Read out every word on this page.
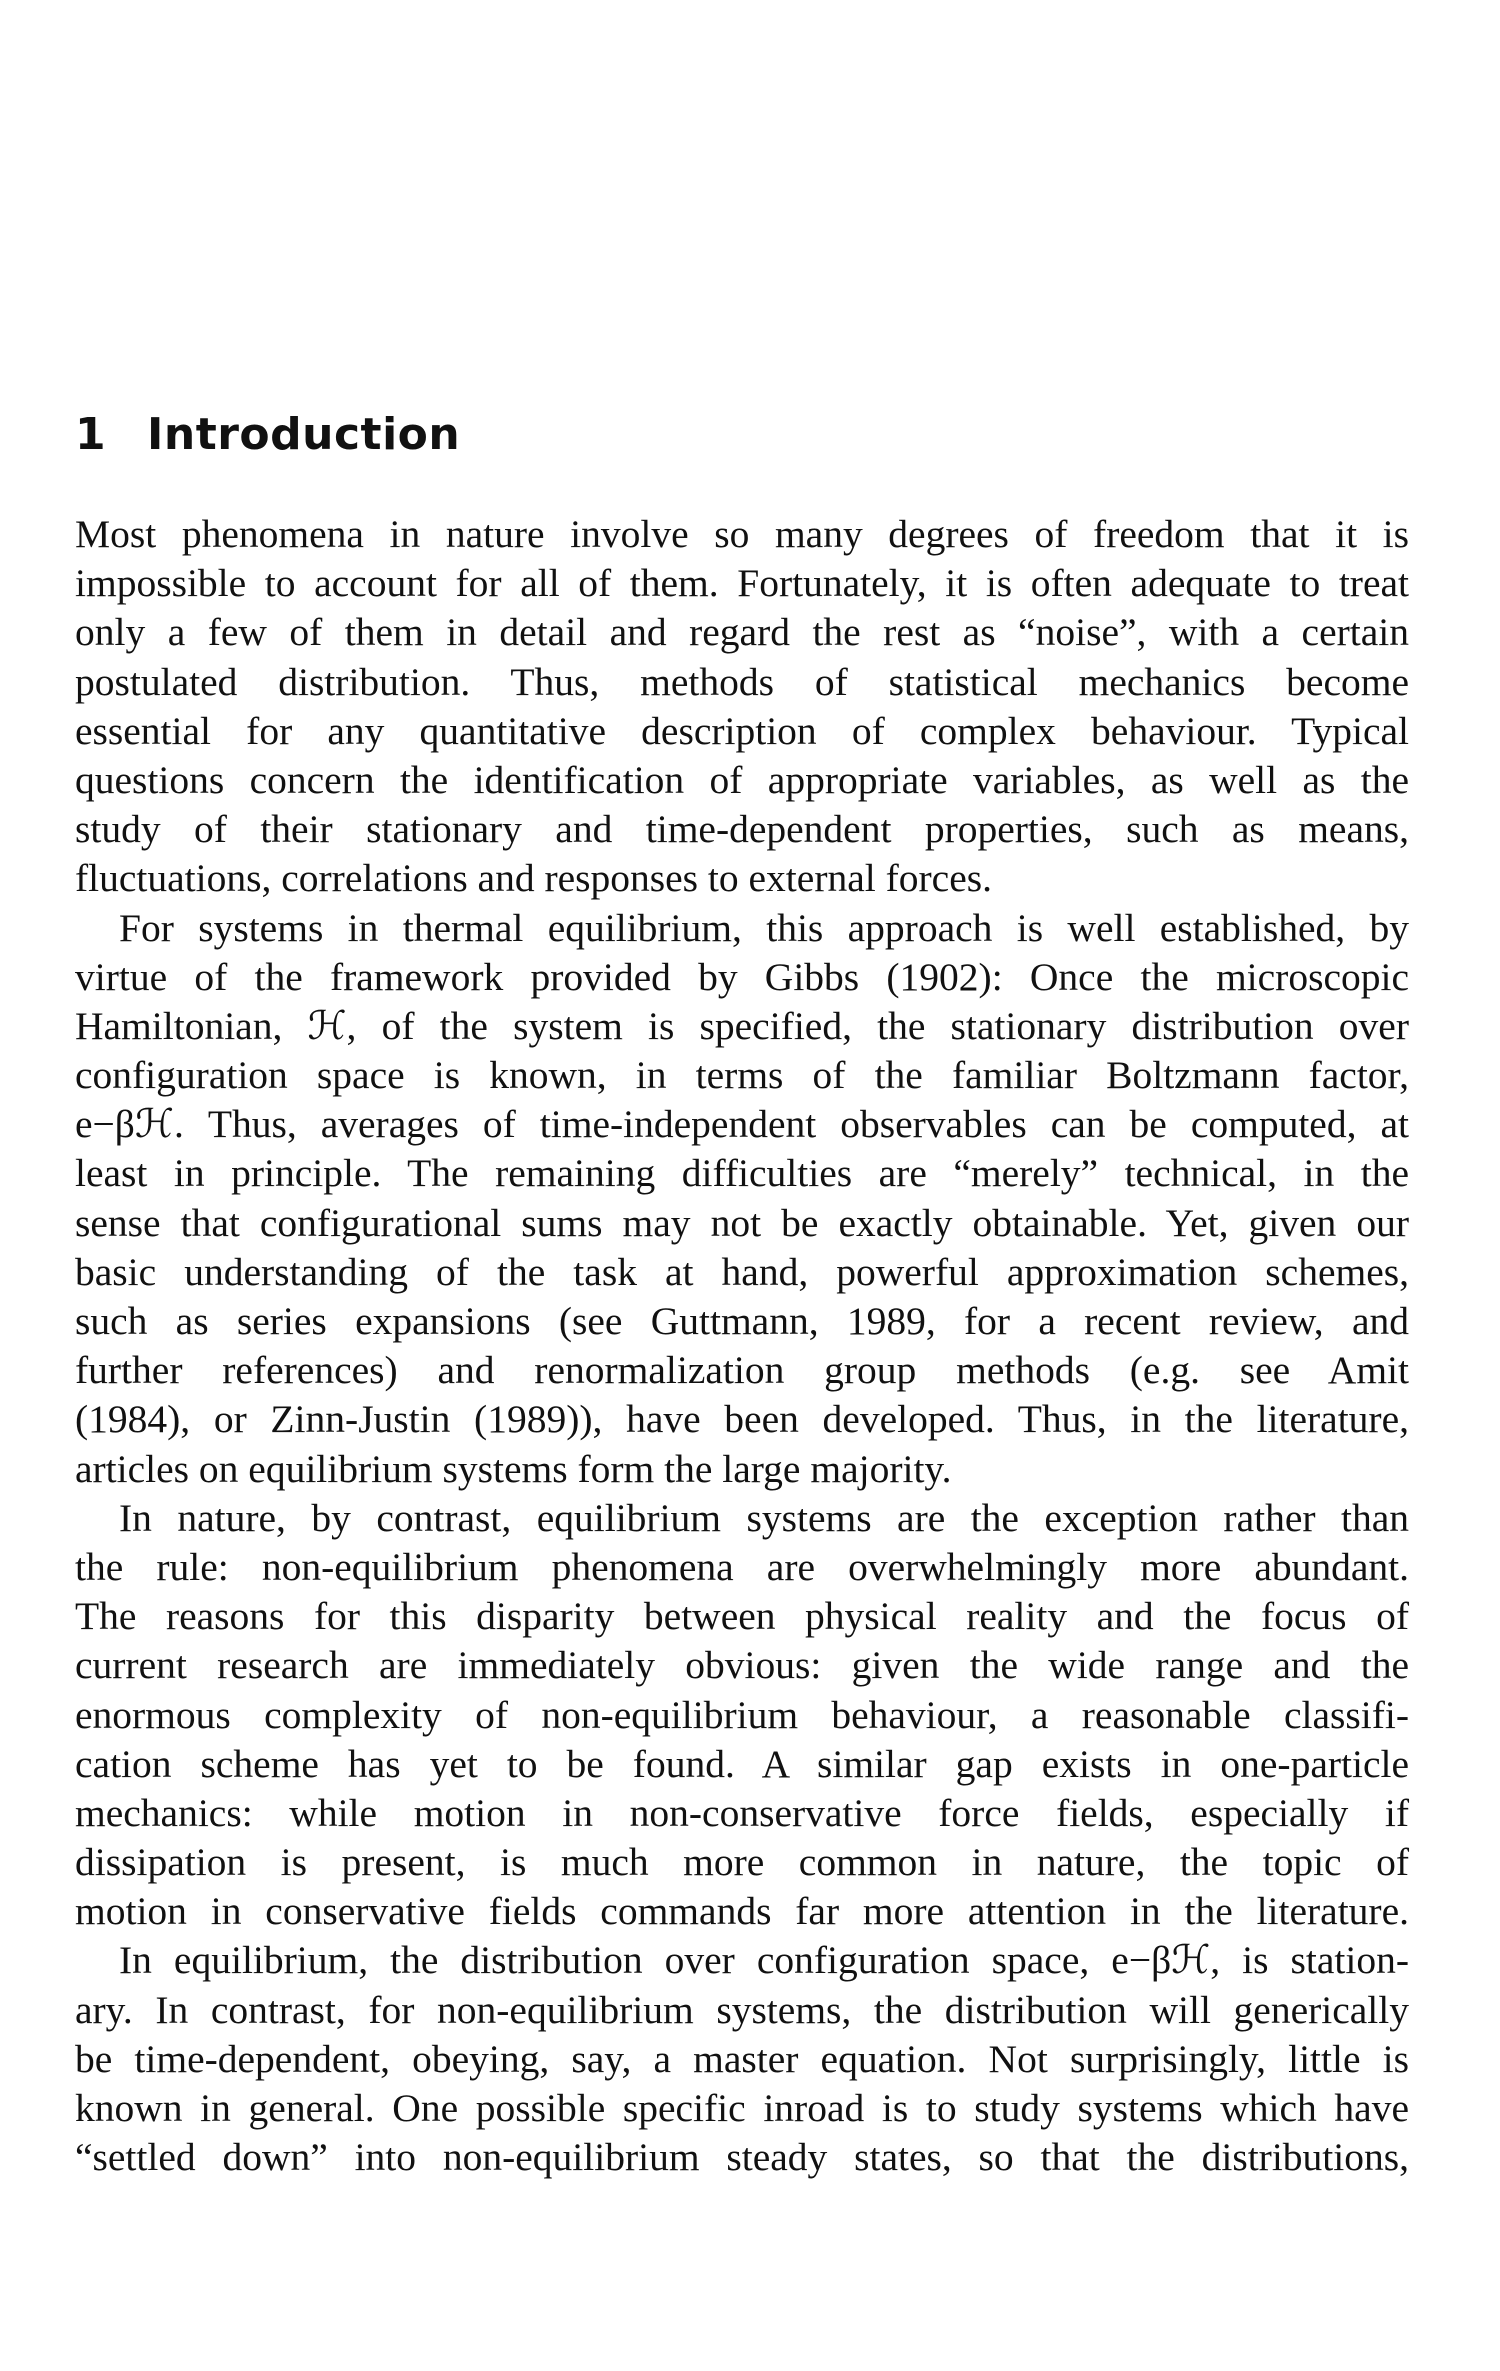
1 Introduction
Most phenomena in nature involve so many degrees of freedom that it is
impossible to account for all of them. Fortunately, it is often adequate to treat
only a few of them in detail and regard the rest as “noise”, with a certain
postulated distribution. Thus, methods of statistical mechanics become
essential for any quantitative description of complex behaviour. Typical
questions concern the identification of appropriate variables, as well as the
study of their stationary and time-dependent properties, such as means,
fluctuations, correlations and responses to external forces.
For systems in thermal equilibrium, this approach is well established, by
virtue of the framework provided by Gibbs (1902): Once the microscopic
Hamiltonian, ℋ, of the system is specified, the stationary distribution over
configuration space is known, in terms of the familiar Boltzmann factor,
e−βℋ. Thus, averages of time-independent observables can be computed, at
least in principle. The remaining difficulties are “merely” technical, in the
sense that configurational sums may not be exactly obtainable. Yet, given our
basic understanding of the task at hand, powerful approximation schemes,
such as series expansions (see Guttmann, 1989, for a recent review, and
further references) and renormalization group methods (e.g. see Amit
(1984), or Zinn-Justin (1989)), have been developed. Thus, in the literature,
articles on equilibrium systems form the large majority.
In nature, by contrast, equilibrium systems are the exception rather than
the rule: non-equilibrium phenomena are overwhelmingly more abundant.
The reasons for this disparity between physical reality and the focus of
current research are immediately obvious: given the wide range and the
enormous complexity of non-equilibrium behaviour, a reasonable classifi-
cation scheme has yet to be found. A similar gap exists in one-particle
mechanics: while motion in non-conservative force fields, especially if
dissipation is present, is much more common in nature, the topic of
motion in conservative fields commands far more attention in the literature.
In equilibrium, the distribution over configuration space, e−βℋ, is station-
ary. In contrast, for non-equilibrium systems, the distribution will generically
be time-dependent, obeying, say, a master equation. Not surprisingly, little is
known in general. One possible specific inroad is to study systems which have
“settled down” into non-equilibrium steady states, so that the distributions,
